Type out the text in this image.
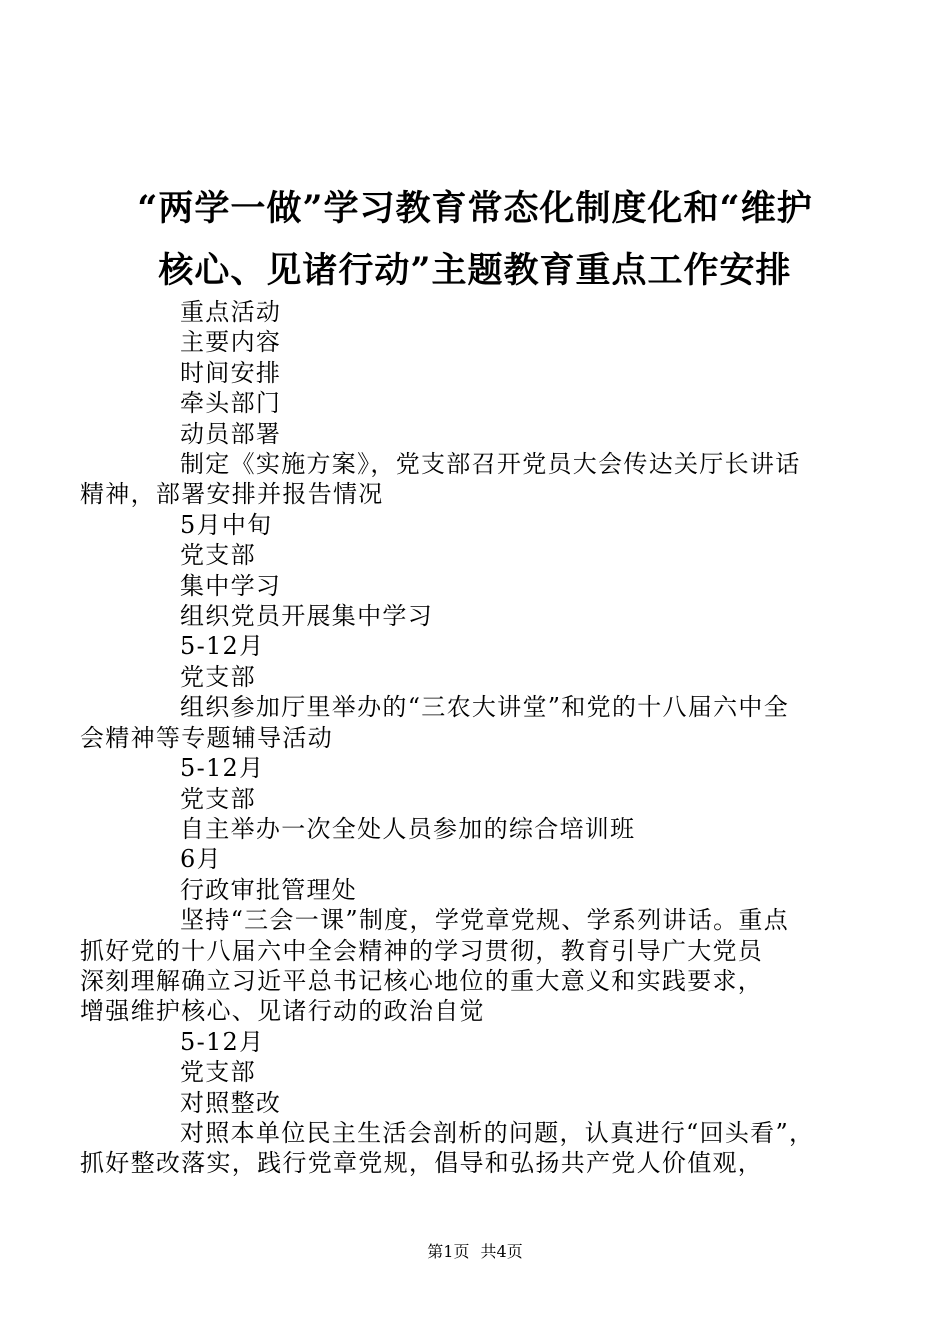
“两学一做”学习教育常态化制度化和“维护
核心、见诸行动”主题教育重点工作安排

重点活动

主要内容

时间安排

牵头部门

动员部署

制定《实施方案》，党支部召开党员大会传达关厅长讲话
精神，部署安排并报告情况

5月中旬

党支部

集中学习

组织党员开展集中学习

5-12月

党支部

组织参加厅里举办的“三农大讲堂”和党的十八届六中全
会精神等专题辅导活动

5-12月

党支部

自主举办一次全处人员参加的综合培训班

6月

行政审批管理处

坚持“三会一课”制度，学党章党规、学系列讲话。重点
抓好党的十八届六中全会精神的学习贯彻，教育引导广大党员
深刻理解确立习近平总书记核心地位的重大意义和实践要求，
增强维护核心、见诸行动的政治自觉

5-12月

党支部

对照整改

对照本单位民主生活会剖析的问题，认真进行“回头看”，
抓好整改落实，践行党章党规，倡导和弘扬共产党人价值观，

第1页 共4页
